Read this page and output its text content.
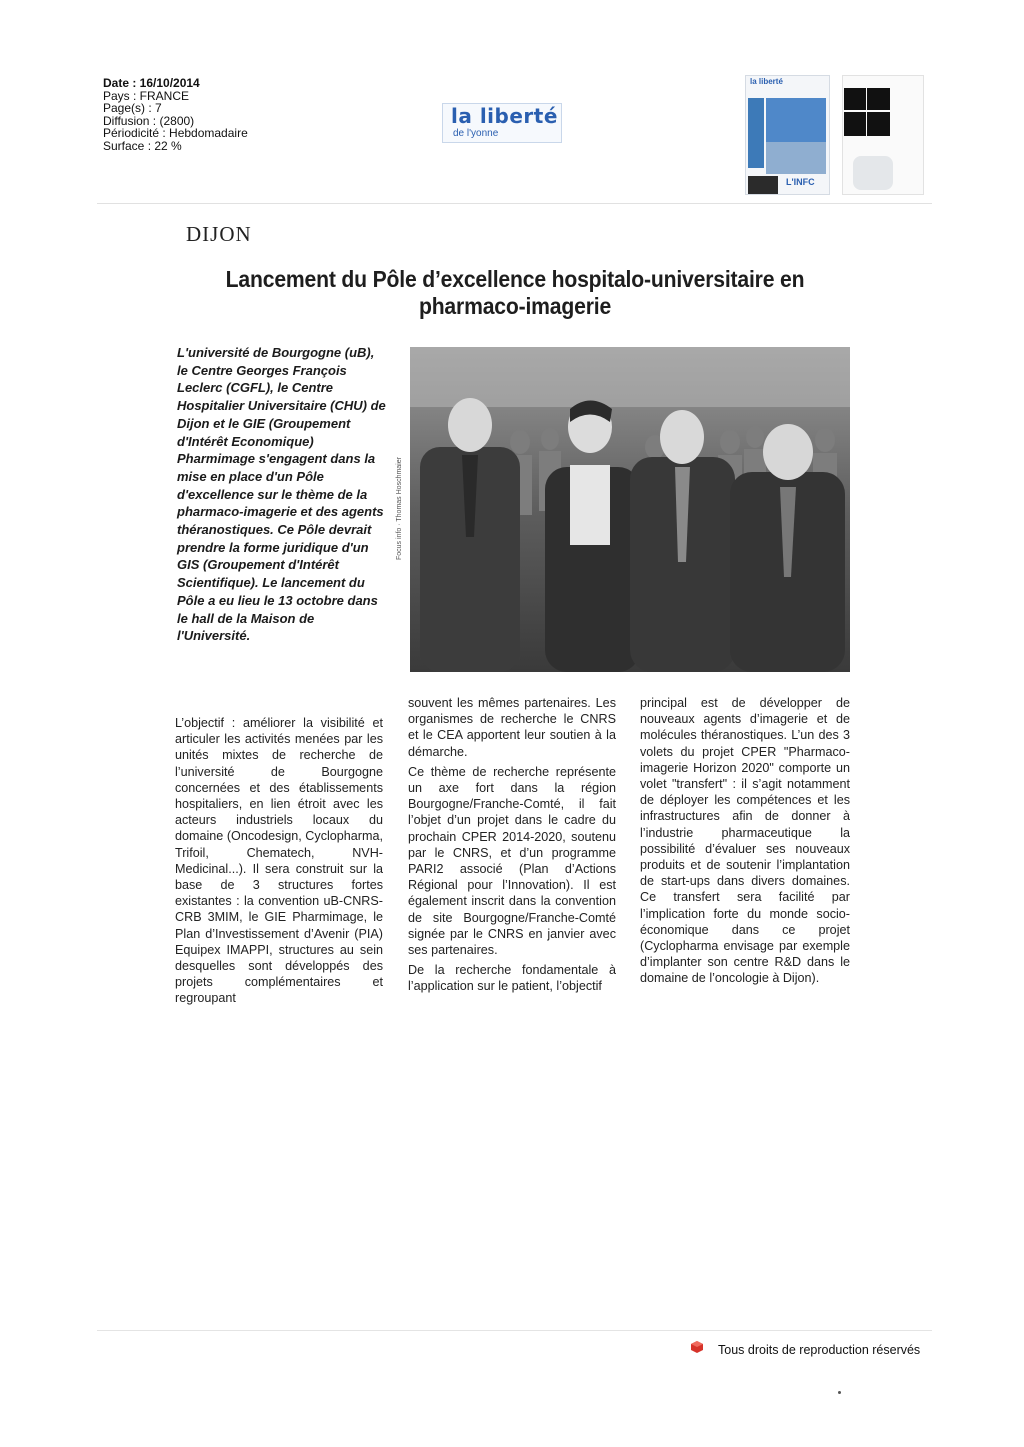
Date : 16/10/2014
Pays : FRANCE
Page(s) : 7
Diffusion : (2800)
Périodicité : Hebdomadaire
Surface : 22 %
la liberté
de l'yonne
la liberté
L'INFC
DIJON
Lancement du Pôle d’excellence hospitalo-universitaire en pharmaco-imagerie
L'université de Bourgogne (uB), le Centre Georges François Leclerc (CGFL), le Centre Hospitalier Universitaire (CHU) de Dijon et le GIE (Groupement d'Intérêt Economique) Pharmimage s'engagent dans la mise en place d'un Pôle d'excellence sur le thème de la pharmaco-imagerie et des agents théranostiques. Ce Pôle devrait prendre la forme juridique d'un GIS (Groupement d'Intérêt Scientifique). Le lancement du Pôle a eu lieu le 13 octobre dans le hall de la Maison de l'Université.
Focus info · Thomas Hoschmaier

L’objectif : améliorer la visibilité et articuler les activités menées par les unités mixtes de recherche de l’université de Bourgogne concernées et des établissements hospitaliers, en lien étroit avec les acteurs industriels locaux du domaine (Oncodesign, Cyclopharma, Trifoil, Chematech, NVH-Medicinal...). Il sera construit sur la base de 3 structures fortes existantes : la convention uB-CNRS-CRB 3MIM, le GIE Pharmimage, le Plan d’Investissement d’Avenir (PIA) Equipex IMAPPI, structures au sein desquelles sont développés des projets complémentaires et regroupant

souvent les mêmes partenaires. Les organismes de recherche le CNRS et le CEA apportent leur soutien à la démarche.

Ce thème de recherche représente un axe fort dans la région Bourgogne/Franche-Comté, il fait l’objet d’un projet dans le cadre du prochain CPER 2014-2020, soutenu par le CNRS, et d’un programme PARI2 associé (Plan d’Actions Régional pour l’Innovation). Il est également inscrit dans la convention de site Bourgogne/Franche-Comté signée par le CNRS en janvier avec ses partenaires.

De la recherche fondamentale à l’application sur le patient, l’objectif

principal est de développer de nouveaux agents d’imagerie et de molécules théranostiques. L’un des 3 volets du projet CPER "Pharmaco-imagerie Horizon 2020" comporte un volet "transfert" : il s’agit notamment de déployer les compétences et les infrastructures afin de donner à l’industrie pharmaceutique la possibilité d’évaluer ses nouveaux produits et de soutenir l’implantation de start-ups dans divers domaines. Ce transfert sera facilité par l’implication forte du monde socio-économique dans ce projet (Cyclopharma envisage par exemple d’implanter son centre R&D dans le domaine de l’oncologie à Dijon).

Tous droits de reproduction réservés
